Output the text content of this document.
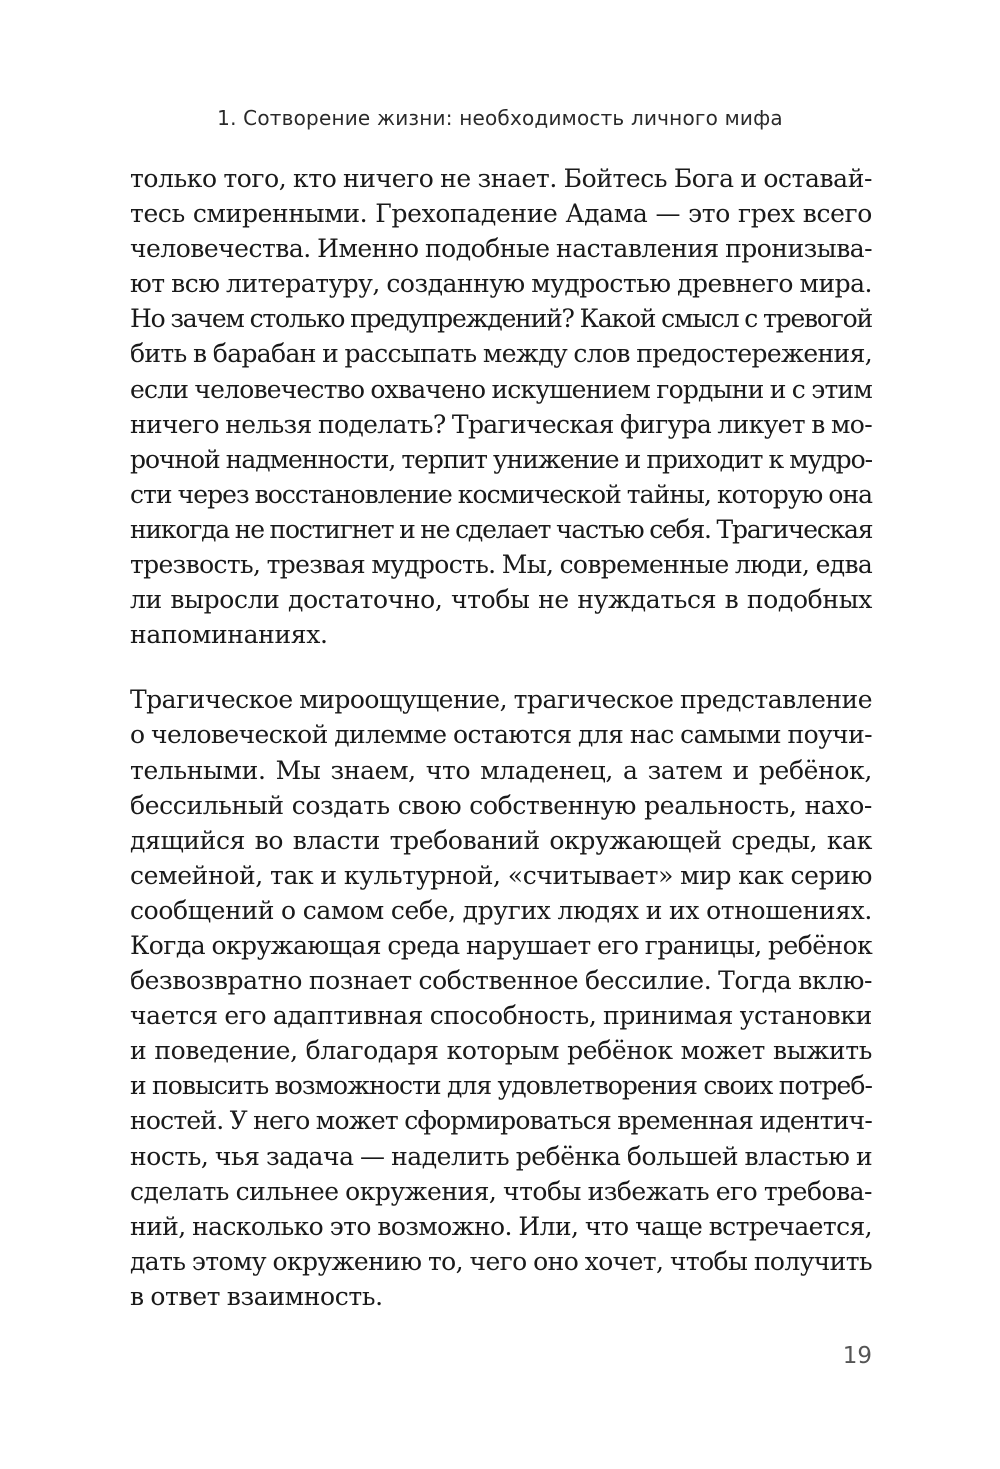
1. Сотворение жизни: необходимость личного мифа

только того, кто ничего не знает. Бойтесь Бога и оставай-
тесь смиренными. Грехопадение Адама — это грех всего
человечества. Именно подобные наставления пронизыва-
ют всю литературу, созданную мудростью древнего мира.
Но зачем столько предупреждений? Какой смысл с тревогой
бить в барабан и рассыпать между слов предостережения,
если человечество охвачено искушением гордыни и с этим
ничего нельзя поделать? Трагическая фигура ликует в мо-
рочной надменности, терпит унижение и приходит к мудро-
сти через восстановление космической тайны, которую она
никогда не постигнет и не сделает частью себя. Трагическая
трезвость, трезвая мудрость. Мы, современные люди, едва
ли выросли достаточно, чтобы не нуждаться в подобных
напоминаниях.

Трагическое мироощущение, трагическое представление
о человеческой дилемме остаются для нас самыми поучи-
тельными. Мы знаем, что младенец, а затем и ребёнок,
бессильный создать свою собственную реальность, нахо-
дящийся во власти требований окружающей среды, как
семейной, так и культурной, «считывает» мир как серию
сообщений о самом себе, других людях и их отношениях.
Когда окружающая среда нарушает его границы, ребёнок
безвозвратно познает собственное бессилие. Тогда вклю-
чается его адаптивная способность, принимая установки
и поведение, благодаря которым ребёнок может выжить
и повысить возможности для удовлетворения своих потреб-
ностей. У него может сформироваться временная идентич-
ность, чья задача — наделить ребёнка большей властью и
сделать сильнее окружения, чтобы избежать его требова-
ний, насколько это возможно. Или, что чаще встречается,
дать этому окружению то, чего оно хочет, чтобы получить
в ответ взаимность.

19
